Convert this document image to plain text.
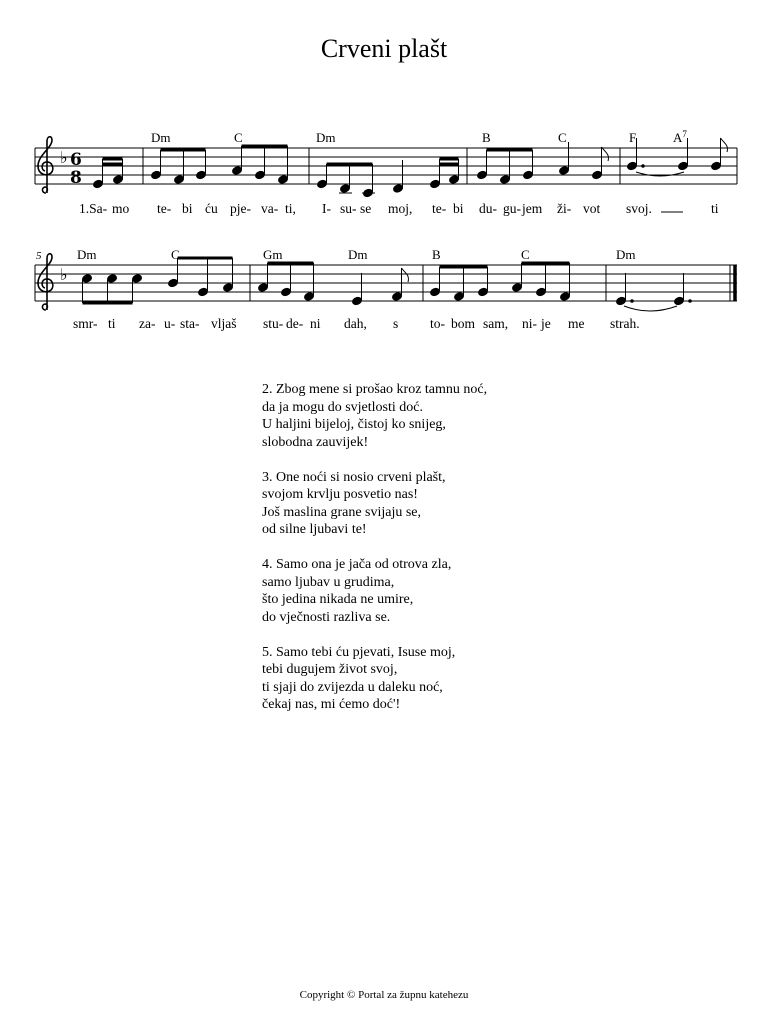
Crveni plašt
Dm	C	Dm	B	C	F	$A^7$
♭ 6
8
1.Sa- mo te- bi ću pje- va- ti, I- su- se moj, te- bi du- gu- jem ži- vot svoj.	ti
5	Dm	C	Gm	Dm	B	C	Dm
♭
smr- ti za- u- sta- vljaš stu- de- ni dah, s to- bom sam, ni- je me strah.
2. Zbog mene si prošao kroz tamnu noć,
da ja mogu do svjetlosti doć.
U haljini bijeloj, čistoj ko snijeg,
slobodna zauvijek!
3. One noći si nosio crveni plašt,
svojom krvlju posvetio nas!
Još maslina grane svijaju se,
od silne ljubavi te!
4. Samo ona je jača od otrova zla,
samo ljubav u grudima,
što jedina nikada ne umire,
do vječnosti razliva se.
5. Samo tebi ću pjevati, Isuse moj,
tebi dugujem život svoj,
ti sjaji do zvijezda u daleku noć,
čekaj nas, mi ćemo doć'!
Copyright © Portal za župnu katehezu
